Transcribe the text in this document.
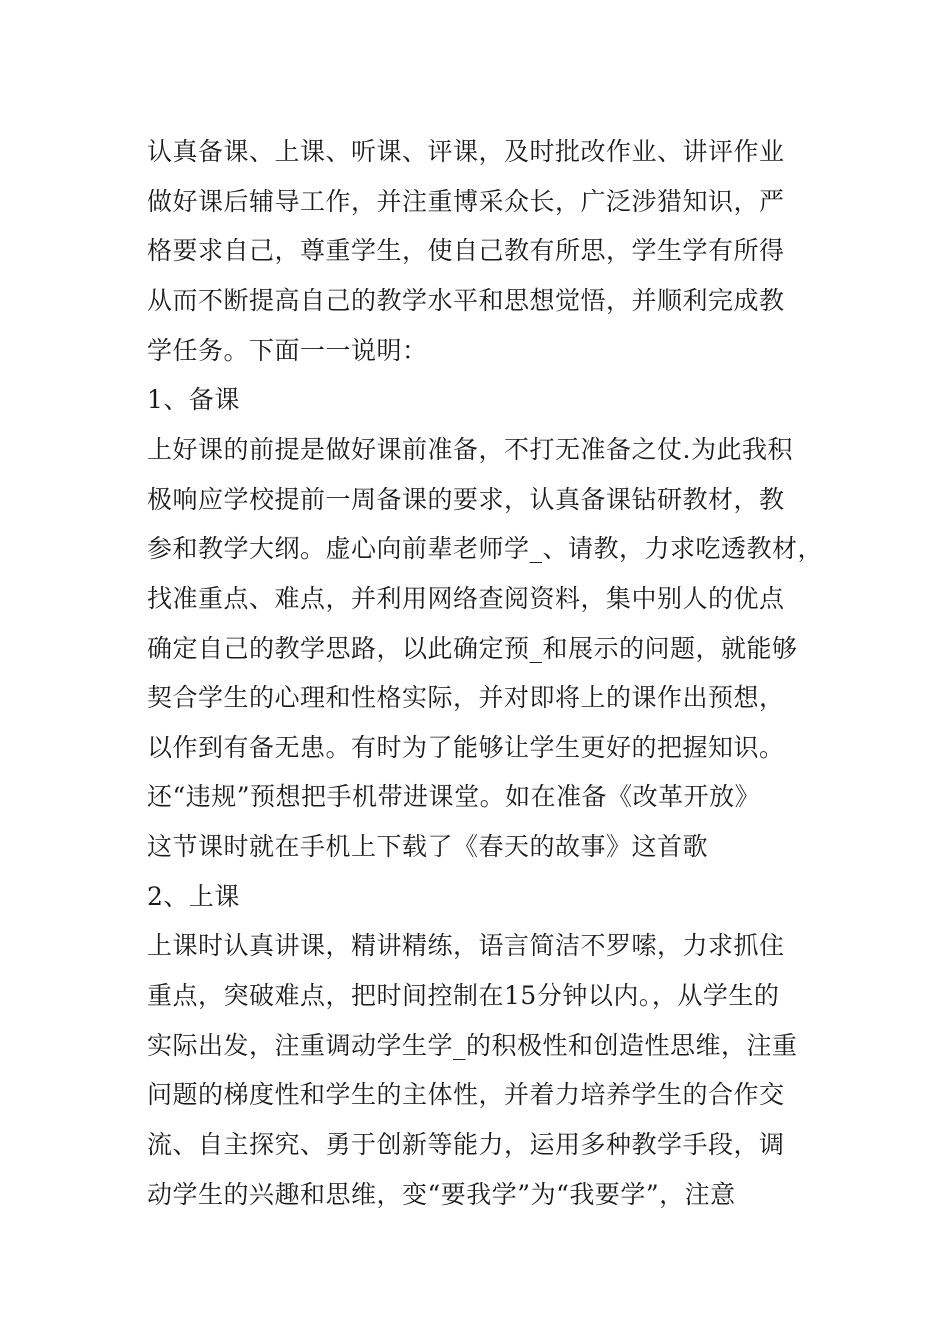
认真备课、上课、听课、评课，及时批改作业、讲评作业
做好课后辅导工作，并注重博采众长，广泛涉猎知识，严
格要求自己，尊重学生，使自己教有所思，学生学有所得
从而不断提高自己的教学水平和思想觉悟，并顺利完成教
学任务。下面一一说明：
1、备课
上好课的前提是做好课前准备，不打无准备之仗.为此我积
极响应学校提前一周备课的要求，认真备课钻研教材，教
参和教学大纲。虚心向前辈老师学_、请教，力求吃透教材，
找准重点、难点，并利用网络查阅资料，集中别人的优点
确定自己的教学思路，以此确定预_和展示的问题，就能够
契合学生的心理和性格实际，并对即将上的课作出预想，
以作到有备无患。有时为了能够让学生更好的把握知识。
还“违规”预想把手机带进课堂。如在准备《改革开放》
这节课时就在手机上下载了《春天的故事》这首歌
2、上课
上课时认真讲课，精讲精练，语言简洁不罗嗦，力求抓住
重点，突破难点，把时间控制在15分钟以内。，从学生的
实际出发，注重调动学生学_的积极性和创造性思维，注重
问题的梯度性和学生的主体性，并着力培养学生的合作交
流、自主探究、勇于创新等能力，运用多种教学手段，调
动学生的兴趣和思维，变“要我学”为“我要学”，注意
